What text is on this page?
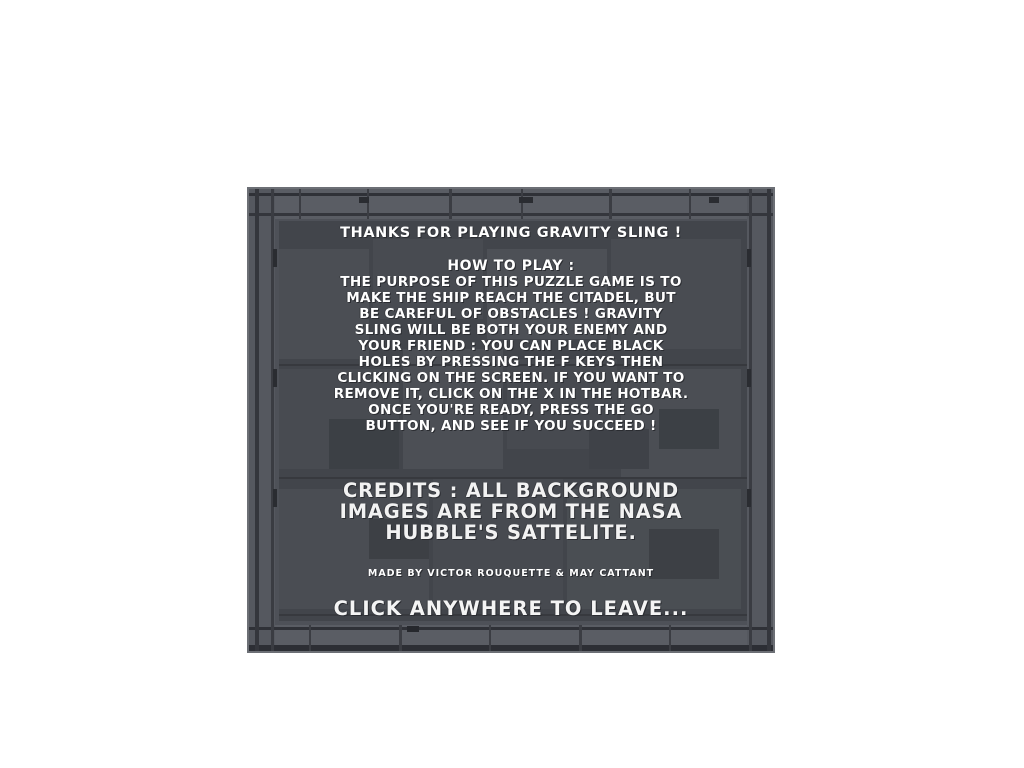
THANKS FOR PLAYING GRAVITY SLING !
HOW TO PLAY :
THE PURPOSE OF THIS PUZZLE GAME IS TO
MAKE THE SHIP REACH THE CITADEL, BUT
BE CAREFUL OF OBSTACLES ! GRAVITY
SLING WILL BE BOTH YOUR ENEMY AND
YOUR FRIEND : YOU CAN PLACE BLACK
HOLES BY PRESSING THE F KEYS THEN
CLICKING ON THE SCREEN. IF YOU WANT TO
REMOVE IT, CLICK ON THE X IN THE HOTBAR.
ONCE YOU'RE READY, PRESS THE GO
BUTTON, AND SEE IF YOU SUCCEED !
CREDITS : ALL BACKGROUND
IMAGES ARE FROM THE NASA
HUBBLE'S SATTELITE.
MADE BY VICTOR ROUQUETTE & MAY CATTANT
CLICK ANYWHERE TO LEAVE...
